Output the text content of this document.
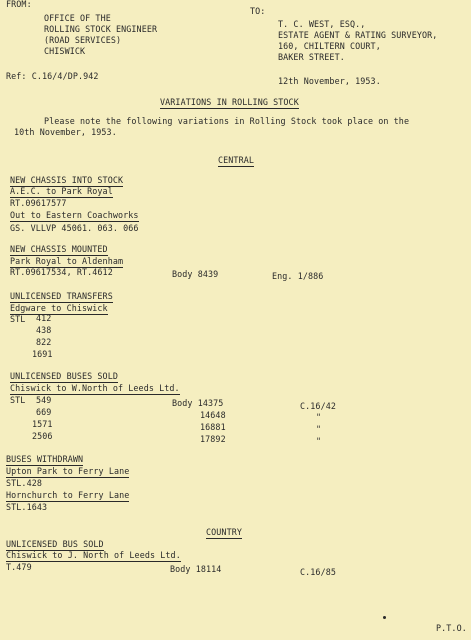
FROM:
OFFICE OF THE
ROLLING STOCK ENGINEER
(ROAD SERVICES)
CHISWICK
Ref: C.16/4/DP.942
TO:
T. C. WEST, ESQ.,
ESTATE AGENT & RATING SURVEYOR,
160, CHILTERN COURT,
BAKER STREET.
12th November, 1953.
VARIATIONS IN ROLLING STOCK
Please note the following variations in Rolling Stock took place on the
10th November, 1953.
CENTRAL
NEW CHASSIS INTO STOCK
A.E.C. to Park Royal
RT.09617577
Out to Eastern Coachworks
GS. VLLVP 45061. 063. 066
NEW CHASSIS MOUNTED
Park Royal to Aldenham
RT.09617534, RT.4612	Body 8439	Eng. 1/886
UNLICENSED TRANSFERS
Edgware to Chiswick
STL 412
438
822
1691
UNLICENSED BUSES SOLD
Chiswick to W.North of Leeds Ltd.
STL 549	Body 14375	C.16/42
669	14648	"
1571	16881	"
2506	17892	"
BUSES WITHDRAWN
Upton Park to Ferry Lane
STL.428
Hornchurch to Ferry Lane
STL.1643
COUNTRY
UNLICENSED BUS SOLD
Chiswick to J. North of Leeds Ltd.
T.479	Body 18114	C.16/85
P.T.O.
